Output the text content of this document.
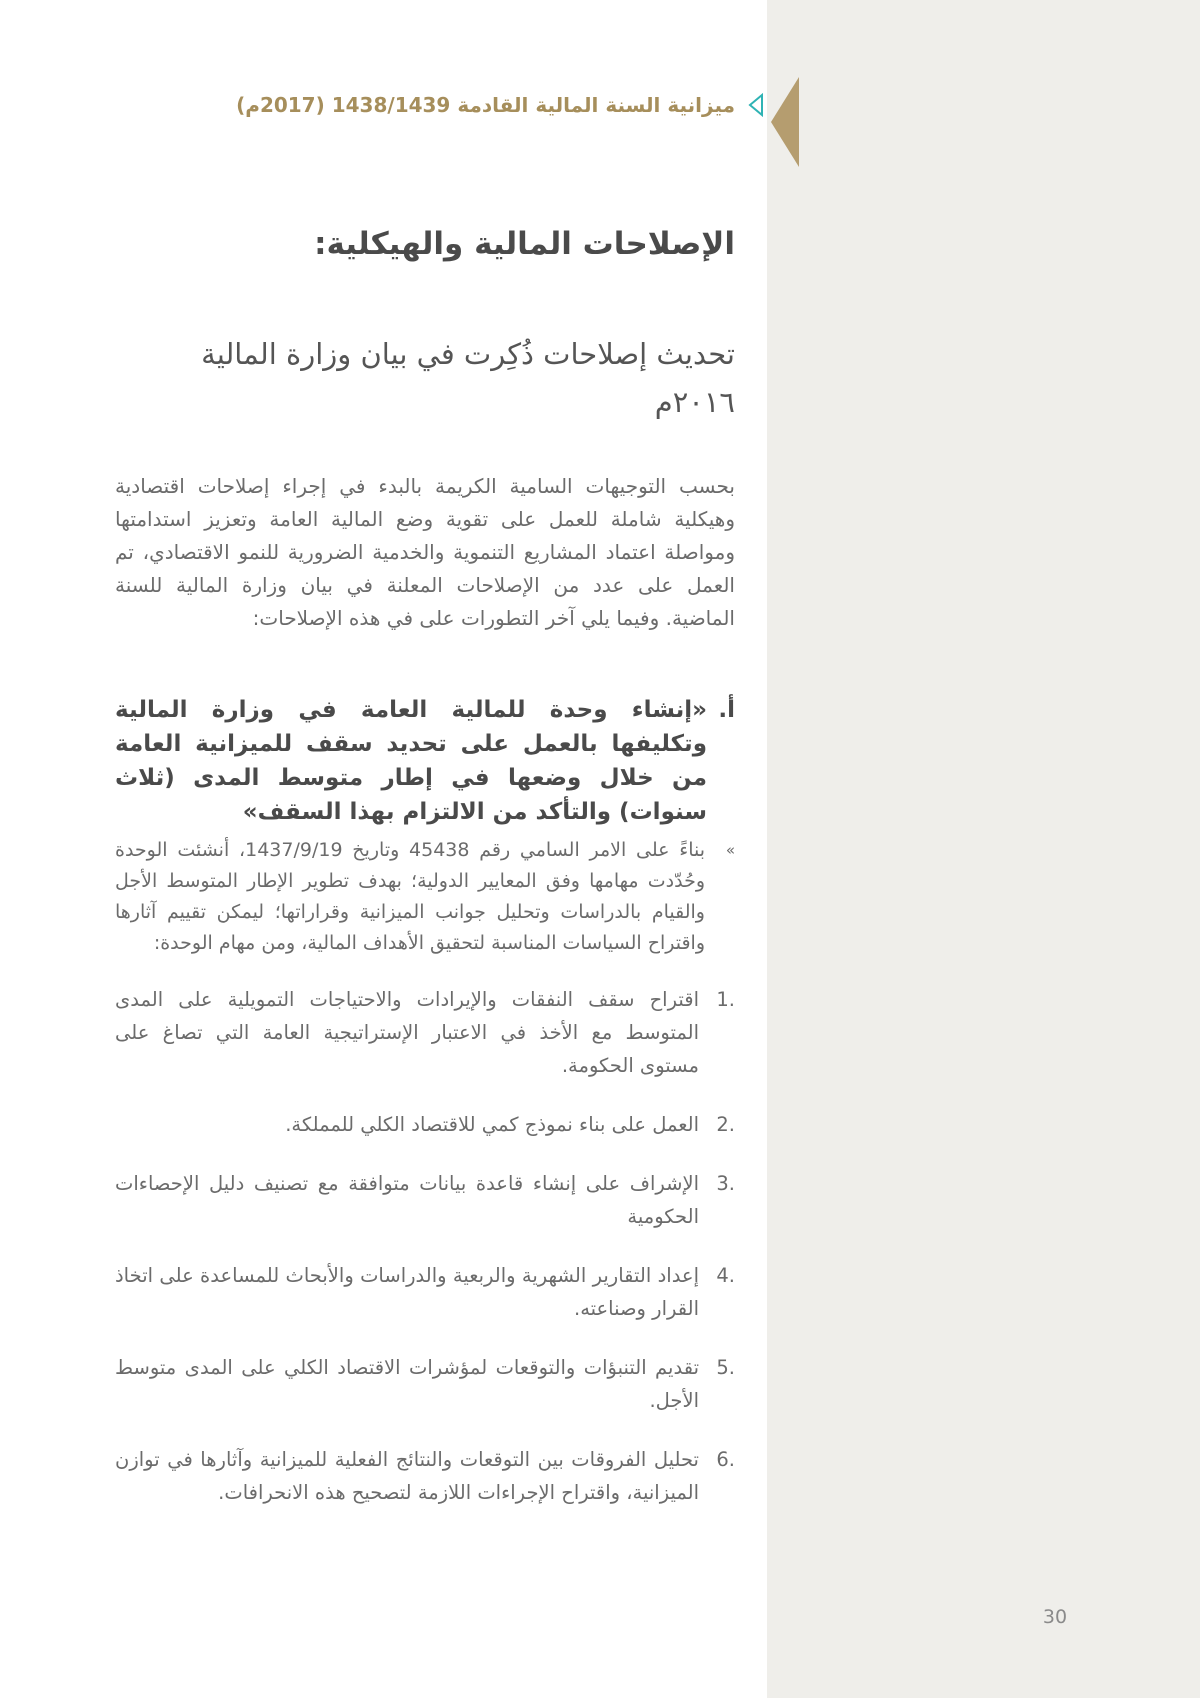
ميزانية السنة المالية القادمة 1438/1439 (2017م)
الإصلاحات المالية والهيكلية:
تحديث إصلاحات ذُكِرت في بيان وزارة المالية ٢٠١٦م

بحسب التوجيهات السامية الكريمة بالبدء في إجراء إصلاحات اقتصادية وهيكلية شاملة للعمل على تقوية وضع المالية العامة وتعزيز استدامتها ومواصلة اعتماد المشاريع التنموية والخدمية الضرورية للنمو الاقتصادي، تم العمل على عدد من الإصلاحات المعلنة في بيان وزارة المالية للسنة الماضية. وفيما يلي آخر التطورات على في هذه الإصلاحات:

أ.
«إنشاء وحدة للمالية العامة في وزارة المالية وتكليفها بالعمل على تحديد سقف للميزانية العامة من خلال وضعها في إطار متوسط المدى (ثلاث سنوات) والتأكد من الالتزام بهذا السقف»
»
بناءً على الامر السامي رقم 45438 وتاريخ 1437/9/19، أنشئت الوحدة وحُدّدت مهامها وفق المعايير الدولية؛ بهدف تطوير الإطار المتوسط الأجل والقيام بالدراسات وتحليل جوانب الميزانية وقراراتها؛ ليمكن تقييم آثارها واقتراح السياسات المناسبة لتحقيق الأهداف المالية، ومن مهام الوحدة:
1.
اقتراح سقف النفقات والإيرادات والاحتياجات التمويلية على المدى المتوسط مع الأخذ في الاعتبار الإستراتيجية العامة التي تصاغ على مستوى الحكومة.
2.
العمل على بناء نموذج كمي للاقتصاد الكلي للمملكة.
3.
الإشراف على إنشاء قاعدة بيانات متوافقة مع تصنيف دليل الإحصاءات الحكومية
4.
إعداد التقارير الشهرية والربعية والدراسات والأبحاث للمساعدة على اتخاذ القرار وصناعته.
5.
تقديم التنبؤات والتوقعات لمؤشرات الاقتصاد الكلي على المدى متوسط الأجل.
6.
تحليل الفروقات بين التوقعات والنتائج الفعلية للميزانية وآثارها في توازن الميزانية، واقتراح الإجراءات اللازمة لتصحيح هذه الانحرافات.
30
